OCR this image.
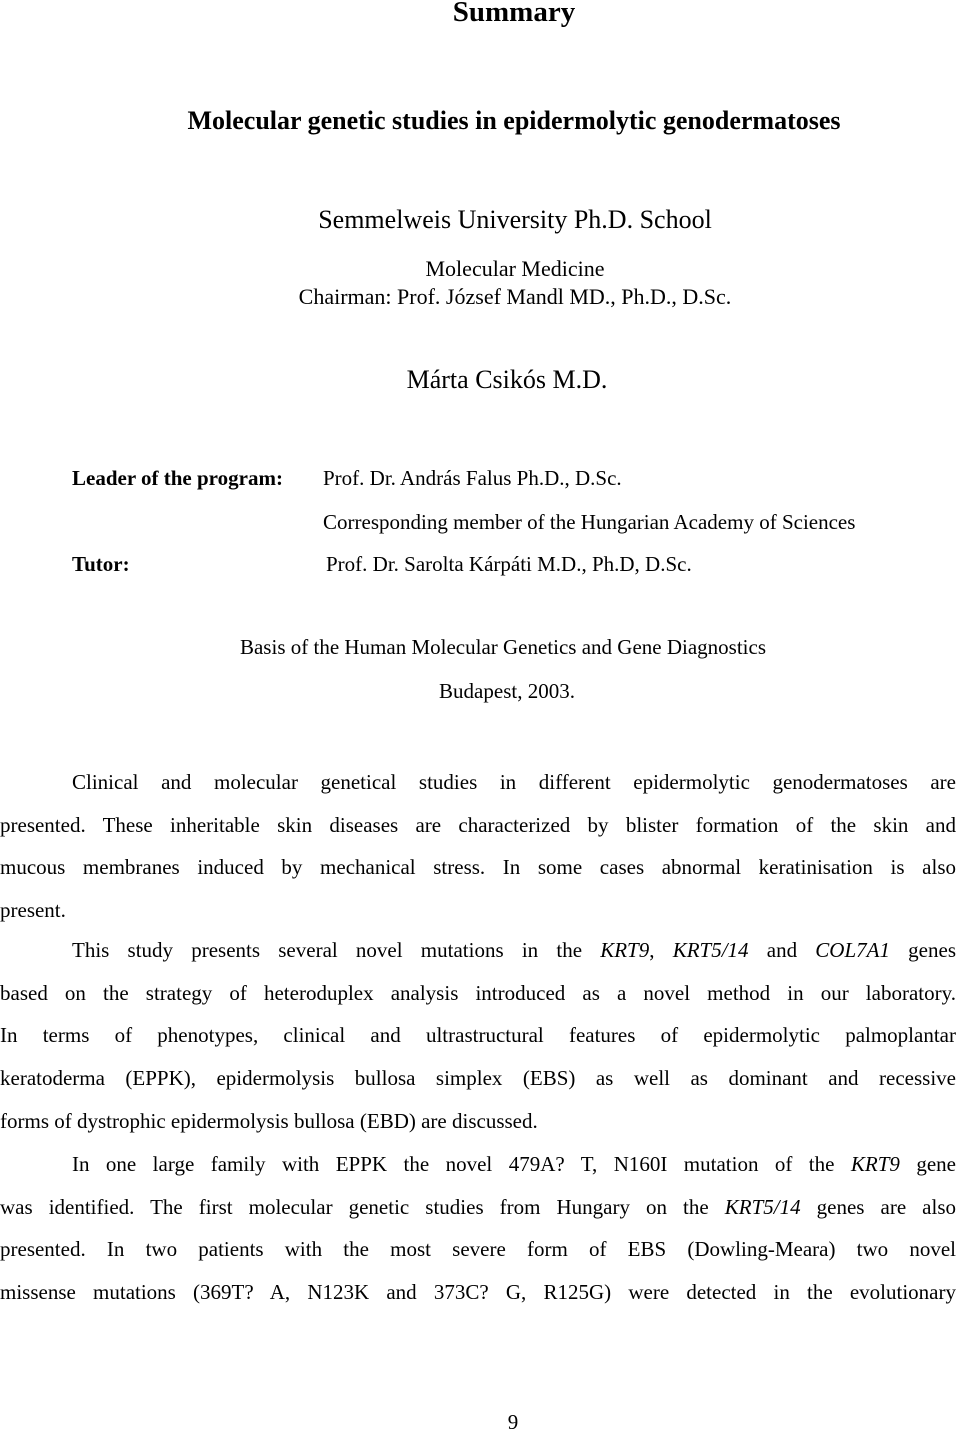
Summary
Molecular genetic studies in epidermolytic genodermatoses
Semmelweis University Ph.D. School
Molecular Medicine
Chairman: Prof. József Mandl MD., Ph.D., D.Sc.
Márta Csikós M.D.
Leader of the program: Prof. Dr. András Falus Ph.D., D.Sc.
Corresponding member of the Hungarian Academy of Sciences
Tutor:	Prof. Dr. Sarolta Kárpáti M.D., Ph.D, D.Sc.
Basis of the Human Molecular Genetics and Gene Diagnostics
Budapest, 2003.
Clinical and molecular genetical studies in different epidermolytic genodermatoses are
presented. These inheritable skin diseases are characterized by blister formation of the skin and
mucous membranes induced by mechanical stress. In some cases abnormal keratinisation is also
present.
This study presents several novel mutations in the KRT9, KRT5/14 and COL7A1 genes
based on the strategy of heteroduplex analysis introduced as a novel method in our laboratory.
In terms of phenotypes, clinical and ultrastructural features of epidermolytic palmoplantar
keratoderma (EPPK), epidermolysis bullosa simplex (EBS) as well as dominant and recessive
forms of dystrophic epidermolysis bullosa (EBD) are discussed.
In one large family with EPPK the novel 479A? T, N160I mutation of the KRT9 gene
was identified. The first molecular genetic studies from Hungary on the KRT5/14 genes are also
presented. In two patients with the most severe form of EBS (Dowling-Meara) two novel
missense mutations (369T? A, N123K and 373C? G, R125G) were detected in the evolutionary
9
